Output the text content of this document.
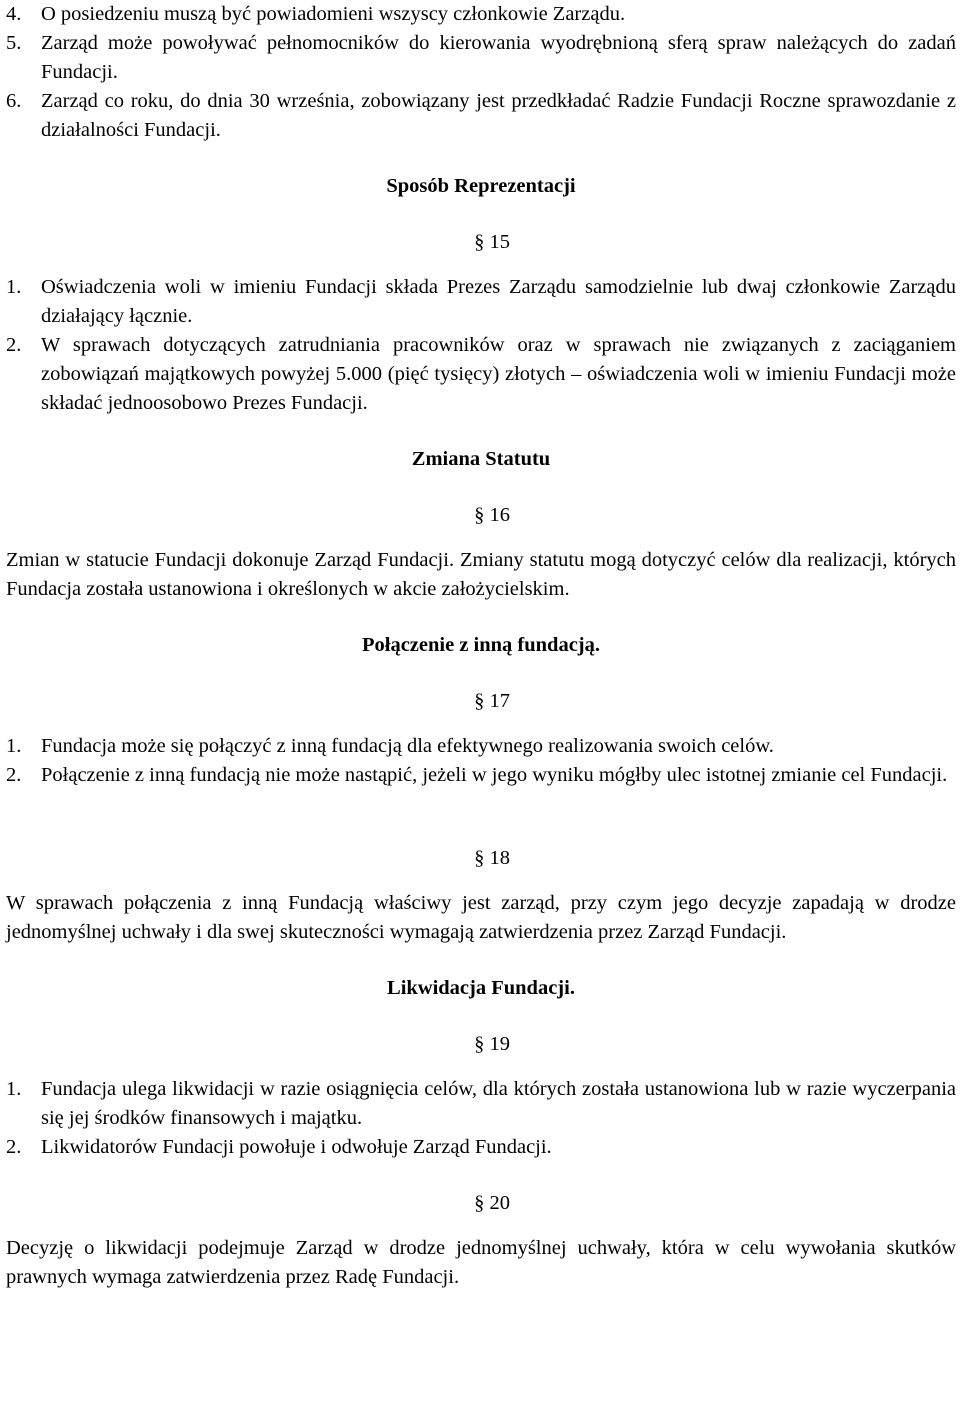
4. O posiedzeniu muszą być powiadomieni wszyscy członkowie Zarządu.
5. Zarząd może powoływać pełnomocników do kierowania wyodrębnioną sferą spraw należących do zadań Fundacji.
6. Zarząd co roku, do dnia 30 września, zobowiązany jest przedkładać Radzie Fundacji Roczne sprawozdanie z działalności Fundacji.

Sposób Reprezentacji

§ 15

1. Oświadczenia woli w imieniu Fundacji składa Prezes Zarządu samodzielnie lub dwaj członkowie Zarządu działający łącznie.
2. W sprawach dotyczących zatrudniania pracowników oraz w sprawach nie związanych z zaciąganiem zobowiązań majątkowych powyżej 5.000 (pięć tysięcy) złotych – oświadczenia woli w imieniu Fundacji może składać jednoosobowo Prezes Fundacji.

Zmiana Statutu

§ 16

Zmian w statucie Fundacji dokonuje Zarząd Fundacji. Zmiany statutu mogą dotyczyć celów dla realizacji, których Fundacja została ustanowiona i określonych w akcie założycielskim.

Połączenie z inną fundacją.

§ 17

1. Fundacja może się połączyć z inną fundacją dla efektywnego realizowania swoich celów.
2. Połączenie z inną fundacją nie może nastąpić, jeżeli w jego wyniku mógłby ulec istotnej zmianie cel Fundacji.

§ 18

W sprawach połączenia z inną Fundacją właściwy jest zarząd, przy czym jego decyzje zapadają w drodze jednomyślnej uchwały i dla swej skuteczności wymagają zatwierdzenia przez Zarząd Fundacji.

Likwidacja Fundacji.

§ 19

1. Fundacja ulega likwidacji w razie osiągnięcia celów, dla których została ustanowiona lub w razie wyczerpania się jej środków finansowych i majątku.
2. Likwidatorów Fundacji powołuje i odwołuje Zarząd Fundacji.

§ 20

Decyzję o likwidacji podejmuje Zarząd w drodze jednomyślnej uchwały, która w celu wywołania skutków prawnych wymaga zatwierdzenia przez Radę Fundacji.
